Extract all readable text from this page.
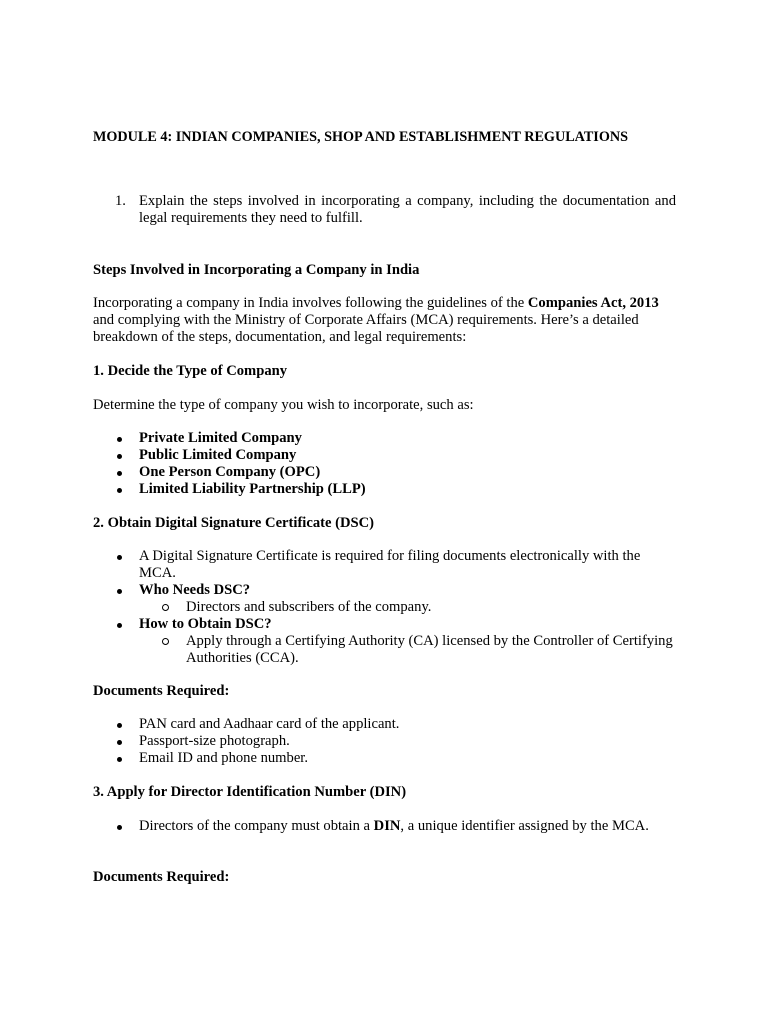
MODULE 4: INDIAN COMPANIES, SHOP AND ESTABLISHMENT REGULATIONS
1. Explain the steps involved in incorporating a company, including the documentation and legal requirements they need to fulfill.

Steps Involved in Incorporating a Company in India

Incorporating a company in India involves following the guidelines of the Companies Act, 2013 and complying with the Ministry of Corporate Affairs (MCA) requirements. Here’s a detailed breakdown of the steps, documentation, and legal requirements:

1. Decide the Type of Company

Determine the type of company you wish to incorporate, such as:

Private Limited Company
Public Limited Company
One Person Company (OPC)
Limited Liability Partnership (LLP)

2. Obtain Digital Signature Certificate (DSC)

A Digital Signature Certificate is required for filing documents electronically with the MCA.
Who Needs DSC?
Directors and subscribers of the company.
How to Obtain DSC?
Apply through a Certifying Authority (CA) licensed by the Controller of Certifying Authorities (CCA).

Documents Required:

PAN card and Aadhaar card of the applicant.
Passport-size photograph.
Email ID and phone number.

3. Apply for Director Identification Number (DIN)

Directors of the company must obtain a DIN, a unique identifier assigned by the MCA.

Documents Required:
